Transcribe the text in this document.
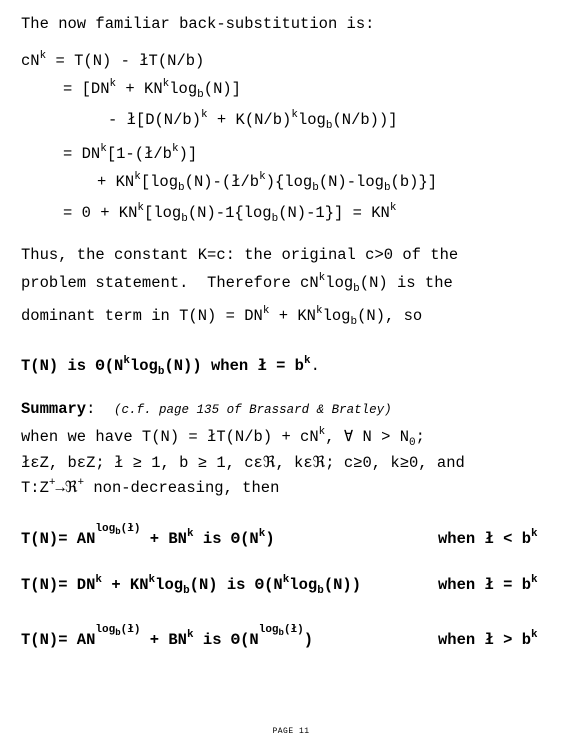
The now familiar back-substitution is:
$cN^k = T(N)$ - łT(N/b)
= $[DN^k + KN^k\log_b(N)]$
- $ł[D(N/b)^k + K(N/b)^k\log_b(N/b))$]
= $DN^k[1-(ł/b^k)]$
+ $KN^k[\log_b(N)-(ł/b^k)\{\log_b(N)-\log_b(b)\}]$
= $0 + KN^k[\log_b(N)-1\{\log_b(N)-1\}] = KN^k$
Thus, the constant K=c: the original c>0 of the
problem statement.  Therefore $cN^k\log_b(N)$ is the
dominant term in $T(N) = DN^k + KN^k\log_b(N)$, so
T(N) is $\Theta(N^k\log_b(N))$ when ł = $b^k$.
Summary: (c.f. page 135 of Brassard & Bratley)
when we have T(N) = łT(N/b) + $cN^k$, ∀ $N > N_0$;
łεZ, bεZ; ł ≥ 1, b ≥ 1, cεℜ, kεℜ; c≥0, k≥0, and
T:Z+→ℜ+ non-decreasing, then
$T(N)= AN^{log_b(ł)} + BN^k$ is $\Theta(N^k)$	when ł < $b^k$
$T(N)= DN^k + KN^k\log_b(N)$ is $\Theta(N^k\log_b(N))$	when ł = $b^k$
$T(N)= AN^{log_b(ł)} + BN^k$ is $\Theta(N^{log_b(ł)})$	when ł > $b^k$
PAGE 11
